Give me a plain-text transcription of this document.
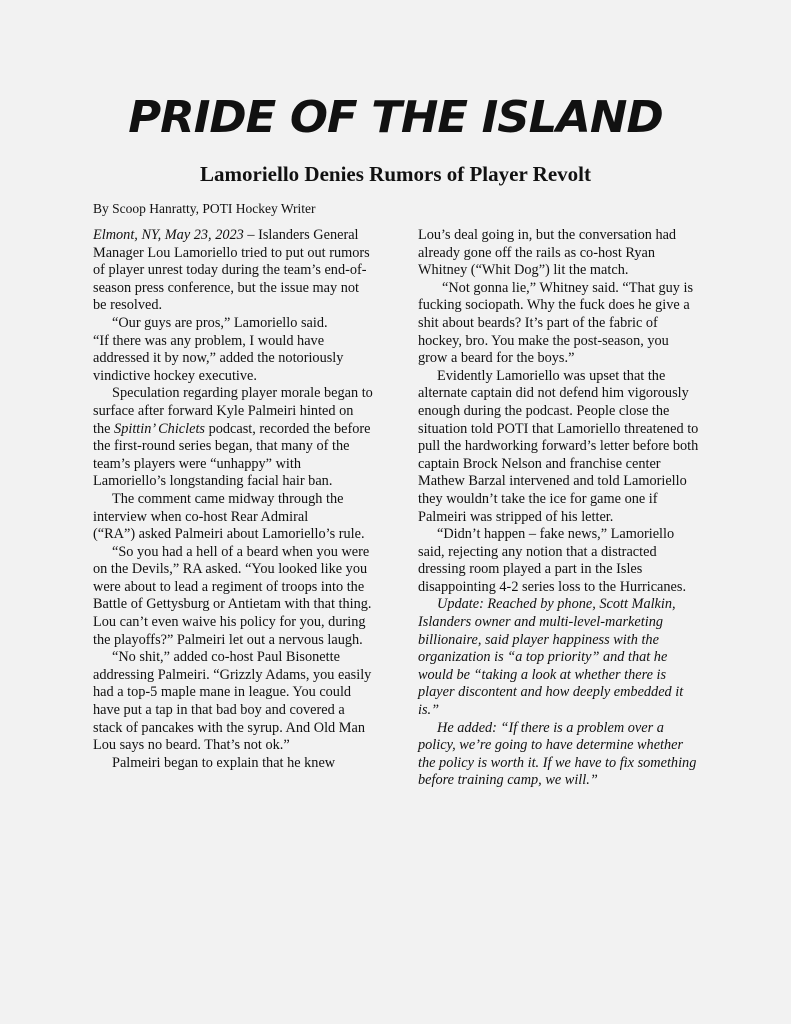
PRIDE OF THE ISLAND
Lamoriello Denies Rumors of Player Revolt
By Scoop Hanratty, POTI Hockey Writer

Elmont, NY, May 23, 2023 – Islanders General Manager Lou Lamoriello tried to put out rumors of player unrest today during the team’s end-of-season press conference, but the issue may not be resolved.

“Our guys are pros,” Lamoriello said.

“If there was any problem, I would have addressed it by now,” added the notoriously vindictive hockey executive.

Speculation regarding player morale began to surface after forward Kyle Palmeiri hinted on the Spittin’ Chiclets podcast, recorded the before the first-round series began, that many of the team’s players were “unhappy” with Lamoriello’s longstanding facial hair ban.

The comment came midway through the interview when co-host Rear Admiral

(“RA”) asked Palmeiri about Lamoriello’s rule.

“So you had a hell of a beard when you were on the Devils,” RA asked. “You looked like you were about to lead a regiment of troops into the Battle of Gettysburg or Antietam with that thing. Lou can’t even waive his policy for you, during the playoffs?” Palmeiri let out a nervous laugh.

“No shit,” added co-host Paul Bisonette addressing Palmeiri. “Grizzly Adams, you easily had a top-5 maple mane in league. You could have put a tap in that bad boy and covered a stack of pancakes with the syrup. And Old Man Lou says no beard. That’s not ok.”

Palmeiri began to explain that he knew

Lou’s deal going in, but the conversation had already gone off the rails as co-host Ryan Whitney (“Whit Dog”) lit the match.

“Not gonna lie,” Whitney said. “That guy is fucking sociopath. Why the fuck does he give a shit about beards? It’s part of the fabric of hockey, bro. You make the post-season, you grow a beard for the boys.”

Evidently Lamoriello was upset that the alternate captain did not defend him vigorously enough during the podcast. People close the situation told POTI that Lamoriello threatened to pull the hardworking forward’s letter before both captain Brock Nelson and franchise center Mathew Barzal intervened and told Lamoriello they wouldn’t take the ice for game one if Palmeiri was stripped of his letter.

“Didn’t happen – fake news,” Lamoriello said, rejecting any notion that a distracted dressing room played a part in the Isles disappointing 4-2 series loss to the Hurricanes.

Update: Reached by phone, Scott Malkin, Islanders owner and multi-level-marketing billionaire, said player happiness with the organization is “a top priority” and that he would be “taking a look at whether there is player discontent and how deeply embedded it is.”

He added: “If there is a problem over a policy, we’re going to have determine whether the policy is worth it. If we have to fix something before training camp, we will.”
